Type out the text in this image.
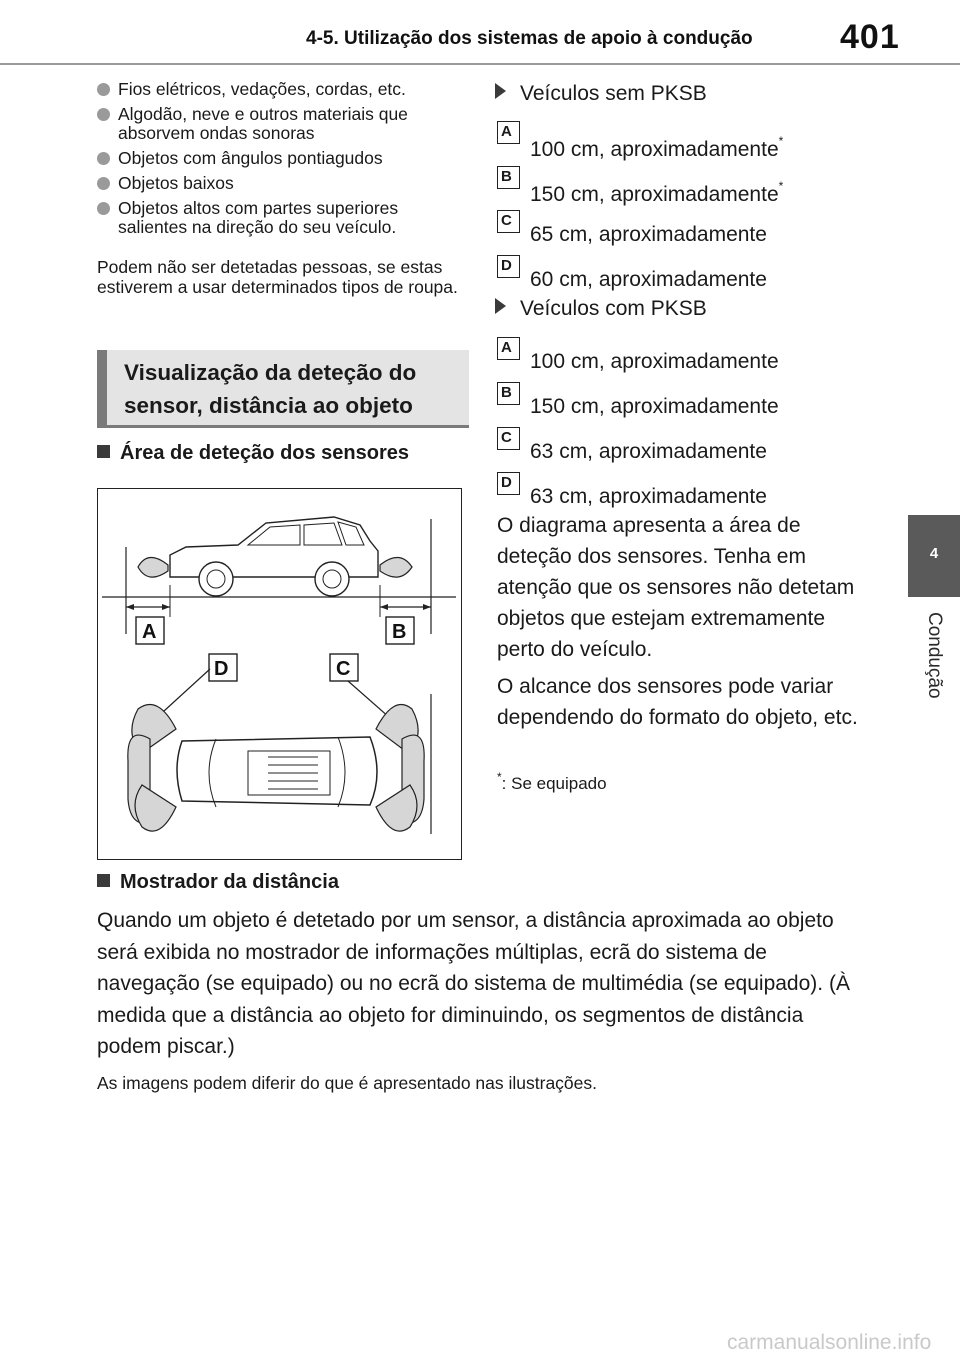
4-5. Utilização dos sistemas de apoio à condução	401
4
Condução
Fios elétricos, vedações, cordas, etc.
Algodão, neve e outros materiais que absorvem ondas sonoras
Objetos com ângulos pontiagudos
Objetos baixos
Objetos altos com partes superiores salientes na direção do seu veículo.
Podem não ser detetadas pessoas, se estas estiverem a usar determinados tipos de roupa.
Visualização da deteção do sensor, distância ao objeto
Área de deteção dos sensores
A	B
D	C
Veículos sem PKSB
A
100 cm, aproximadamente*
B
150 cm, aproximadamente*
C
65 cm, aproximadamente
D
60 cm, aproximadamente
Veículos com PKSB
A
100 cm, aproximadamente
B
150 cm, aproximadamente
C
63 cm, aproximadamente
D
63 cm, aproximadamente
O diagrama apresenta a área de deteção dos sensores. Tenha em atenção que os sensores não detetam objetos que estejam extremamente perto do veículo.
O alcance dos sensores pode variar dependendo do formato do objeto, etc.
*: Se equipado
Mostrador da distância
Quando um objeto é detetado por um sensor, a distância aproximada ao objeto será exibida no mostrador de informações múltiplas, ecrã do sistema de navegação (se equipado) ou no ecrã do sistema de multimédia (se equipado). (À medida que a distância ao objeto for diminuindo, os segmentos de distância podem piscar.)
As imagens podem diferir do que é apresentado nas ilustrações.
carmanualsonline.info
